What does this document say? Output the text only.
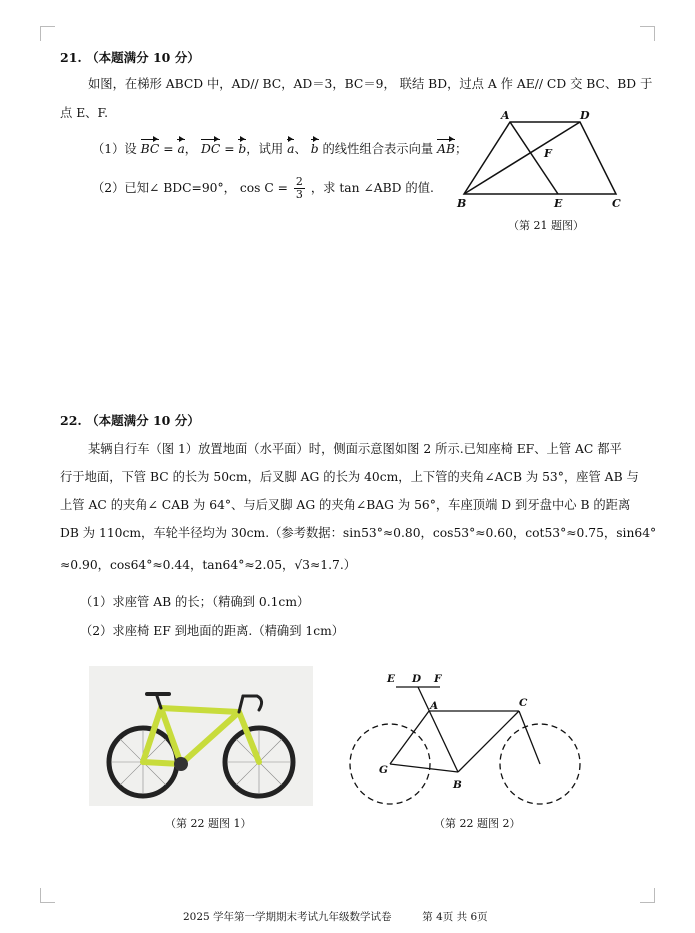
21. （本题满分 10 分）
如图，在梯形 ABCD 中，AD// BC，AD＝3，BC＝9， 联结 BD，过点 A 作 AE// CD 交 BC、BD 于
点 E、F.
（1）设 BC = a， DC = b，试用 a、 b 的线性组合表示向量 AB；
（2）已知∠ BDC=90°， $\cos C = \frac{2}{3}$ ，求 tan ∠ABD 的值.
A	D
F
B	E	C
（第 21 题图）
22. （本题满分 10 分）
某辆自行车（图 1）放置地面（水平面）时，侧面示意图如图 2 所示.已知座椅 EF、上管 AC 都平
行于地面，下管 BC 的长为 50cm，后叉脚 AG 的长为 40cm，上下管的夹角∠ACB 为 53°，座管 AB 与
上管 AC 的夹角∠ CAB 为 64°、与后叉脚 AG 的夹角∠BAG 为 56°，车座顶端 D 到牙盘中心 B 的距离
DB 为 110cm，车轮半径均为 30cm.（参考数据：sin53°≈0.80，cos53°≈0.60，cot53°≈0.75，sin64°
≈0.90，cos64°≈0.44，tan64°≈2.05，√3≈1.7.）
（1）求座管 AB 的长；（精确到 0.1cm）
（2）求座椅 EF 到地面的距离.（精确到 1cm）
（第 22 题图 1）
E D F
A	C
G
B
（第 22 题图 2）
2025 学年第一学期期末考试九年级数学试卷	第 4页 共 6页
